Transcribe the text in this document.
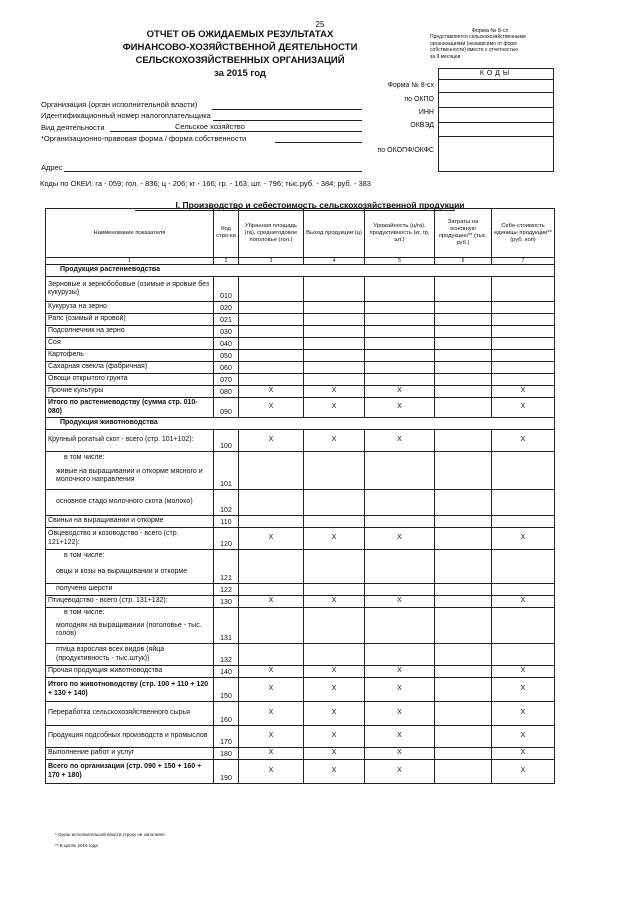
25
ОТЧЕТ ОБ ОЖИДАЕМЫХ РЕЗУЛЬТАТАХ
ФИНАНСОВО-ХОЗЯЙСТВЕННОЙ ДЕЯТЕЛЬНОСТИ
СЕЛЬСКОХОЗЯЙСТВЕННЫХ ОРГАНИЗАЦИЙ
за 2015 год
Форма № 8-сх
Представляется сельскохозяйственными
организациями (независимо от форм
собственности) вместе с отчетностью
за 9 месяцев
КОДЫ
Форма № 8-сх
по ОКПО
ИНН
ОКВЭД
по ОКОПФ/ОКФС
Организация (орган исполнительной власти)
Идентификационный номер налогоплательщика
Вид деятельности	Сельское хозяйство
*Организационно-правовая форма / форма собственности
Адрес
Коды по ОКЕИ: га - 059; гол. - 836; ц - 206; кг - 166; гр. - 163; шт. - 796; тыс.руб. - 384; руб. - 383
I. Производство и себестоимость сельскохозяйственной продукции
Наименование показателя	Код стро-ки	Убранная площадь (га), среднегодовое поголовье (гол.)	Выход продукции (ц)	Урожайность (ц/га), продуктивность (кг, гр, шт.)	Затраты на основную продукцию** (тыс. руб.)	Себе-стоимость единицы продукции** (руб. коп)
1	2	3	4	5	6	7
Продукция растениеводства						
Зерновые и зернобобовые (озимые и яровые без кукурузы)	010					
Кукуруза на зерно	020					
Рапс (озимый и яровой)	021					
Подсолнечник на зерно	030					
Соя	040					
Картофель	050					
Сахарная свекла (фабричная)	060					
Овощи открытого грунта	070					
Прочие культуры	080	X	X	X		X
Итого по растениеводству (сумма стр. 010-080)	090	X	X	X		X
Продукция животноводства						
Крупный рогатый скот - всего (стр. 101+102):	100	X	X	X		X
в том числе:						
живые на выращивании и откорме мясного и молочного направления	101					
основное стадо молочного скота (молоко)	102					
Свиньи на выращивании и откорме	110					
Овцеводство и козоводство - всего (стр. 121+122):	120	X	X	X		X
в том числе:						
овцы и козы на выращивании и откорме	121					
получено шерсти	122					
Птицеводство - всего (стр. 131+132):	130	X	X	X		X
в том числе:						
молодняк на выращивании (поголовье - тыс. голов)	131					
птица взрослая всех видов (яйца (продуктивность - тыс.штук))	132					
Прочая продукция животноводства	140	X	X	X		X
Итого по животноводству (стр. 100 + 110 + 120 + 130 + 140)	150	X	X	X		X
Переработка сельскохозяйственного сырья	160	X	X	X		X
Продукция подсобных производств и промыслов	170	X	X	X		X
Выполнение работ и услуг	180	X	X	X		X
Всего по организации (стр. 090 + 150 + 160 + 170 + 180)	190	X	X	X		X
* Орган исполнительной власти строку не заполняет.
** В целях 2015 года
